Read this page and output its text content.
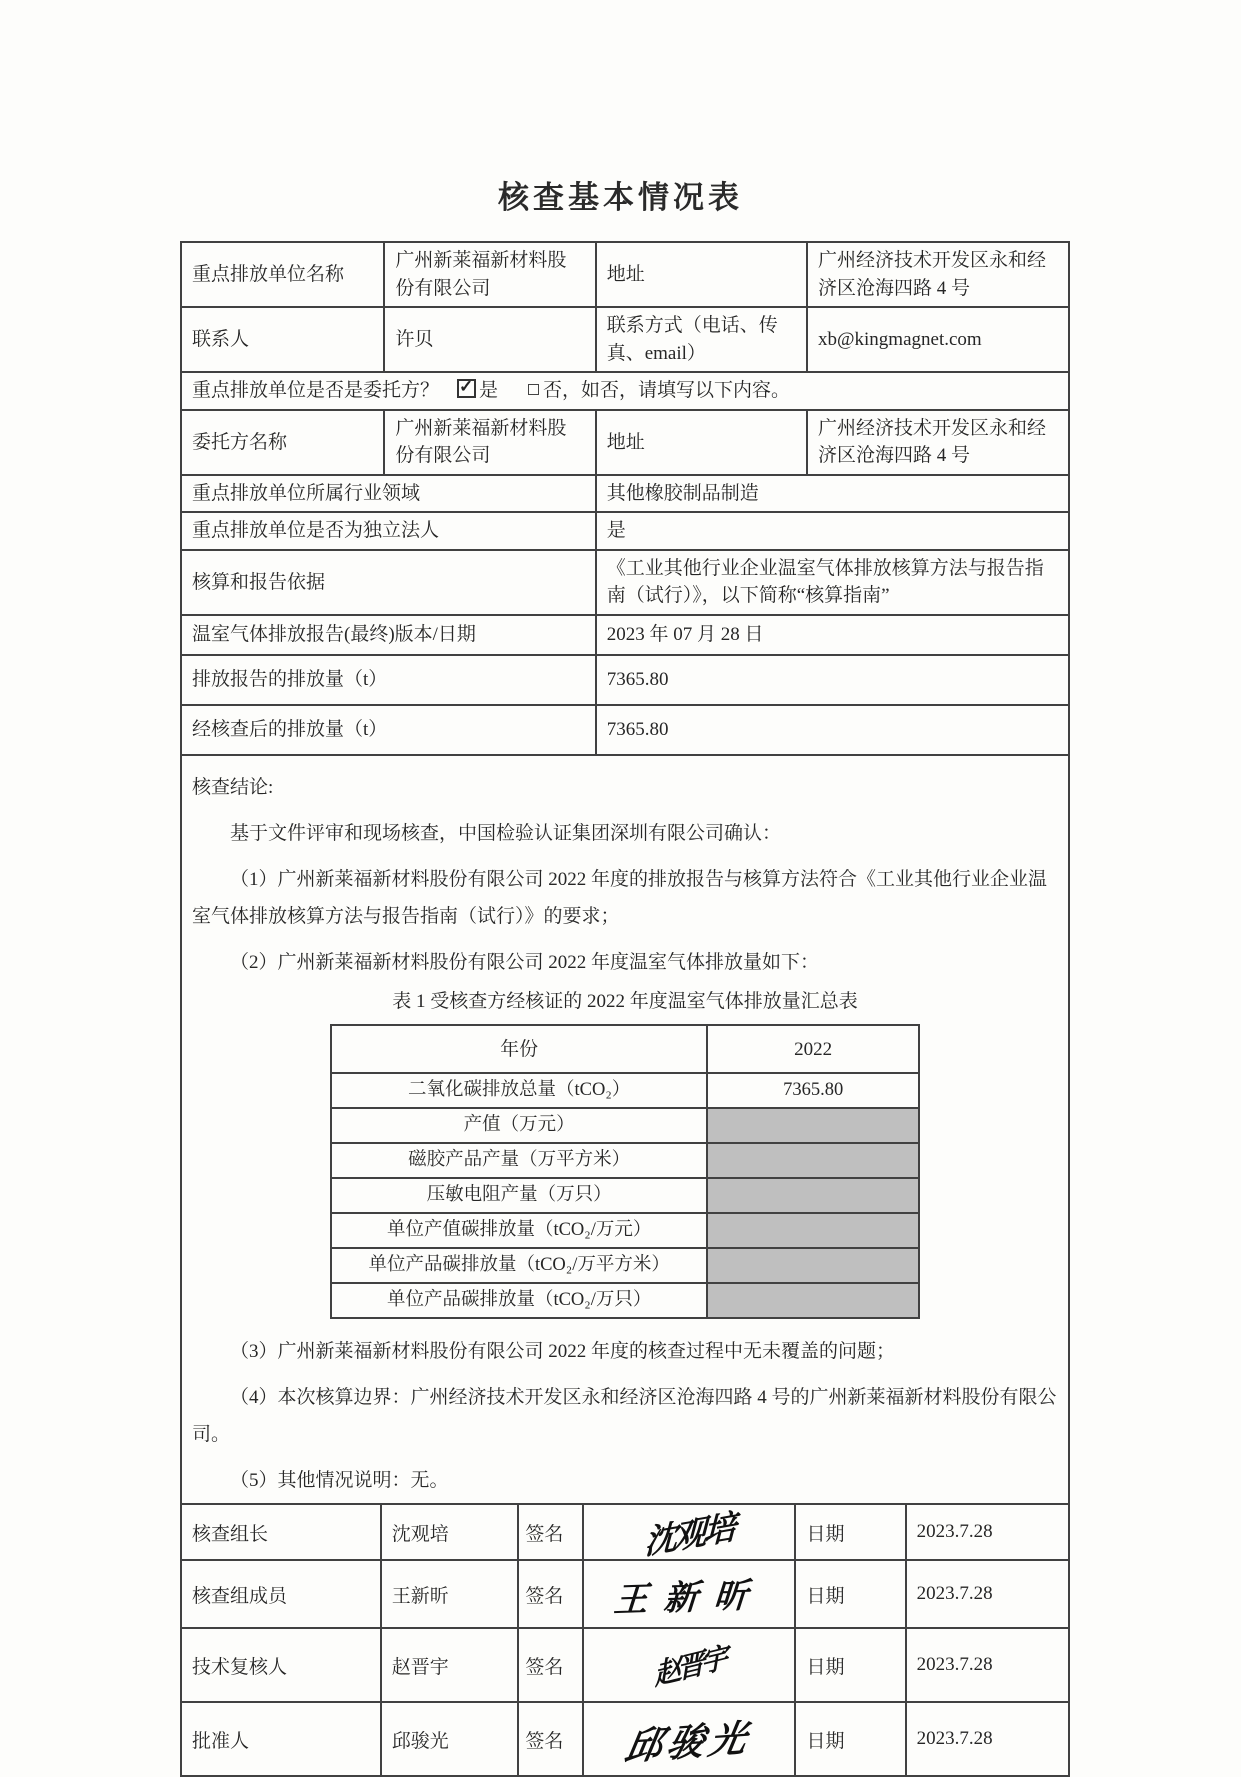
核查基本情况表
重点排放单位名称	广州新莱福新材料股份有限公司	地址	广州经济技术开发区永和经济区沧海四路 4 号
联系人	许贝	联系方式（电话、传真、email）	xb@kingmagnet.com
重点排放单位是否是委托方？ ✓ 是 否，如否，请填写以下内容。
委托方名称	广州新莱福新材料股份有限公司	地址	广州经济技术开发区永和经济区沧海四路 4 号
重点排放单位所属行业领域	其他橡胶制品制造
重点排放单位是否为独立法人	是
核算和报告依据	《工业其他行业企业温室气体排放核算方法与报告指南（试行）》，以下简称“核算指南”
温室气体排放报告(最终)版本/日期	2023 年 07 月 28 日
排放报告的排放量（t）	7365.80
经核查后的排放量（t）	7365.80

核查结论:

基于文件评审和现场核查，中国检验认证集团深圳有限公司确认：

（1）广州新莱福新材料股份有限公司 2022 年度的排放报告与核算方法符合《工业其他行业企业温室气体排放核算方法与报告指南（试行）》的要求；

（2）广州新莱福新材料股份有限公司 2022 年度温室气体排放量如下：

表 1 受核查方经核证的 2022 年度温室气体排放量汇总表

年份	2022
二氧化碳排放总量（tCO₂）	7365.80
产值（万元）	
磁胶产品产量（万平方米）	
压敏电阻产量（万只）	
单位产值碳排放量（tCO₂/万元）	
单位产品碳排放量（tCO₂/万平方米）	
单位产品碳排放量（tCO₂/万只）	

（3）广州新莱福新材料股份有限公司 2022 年度的核查过程中无未覆盖的问题；

（4）本次核算边界：广州经济技术开发区永和经济区沧海四路 4 号的广州新莱福新材料股份有限公司。

（5）其他情况说明：无。

核查组长	沈观培	签名	沈观培	日期	2023.7.28
核查组成员	王新昕	签名	王新昕	日期	2023.7.28
技术复核人	赵晋宇	签名	赵晋宇	日期	2023.7.28
批准人	邱骏光	签名	邱骏光	日期	2023.7.28
